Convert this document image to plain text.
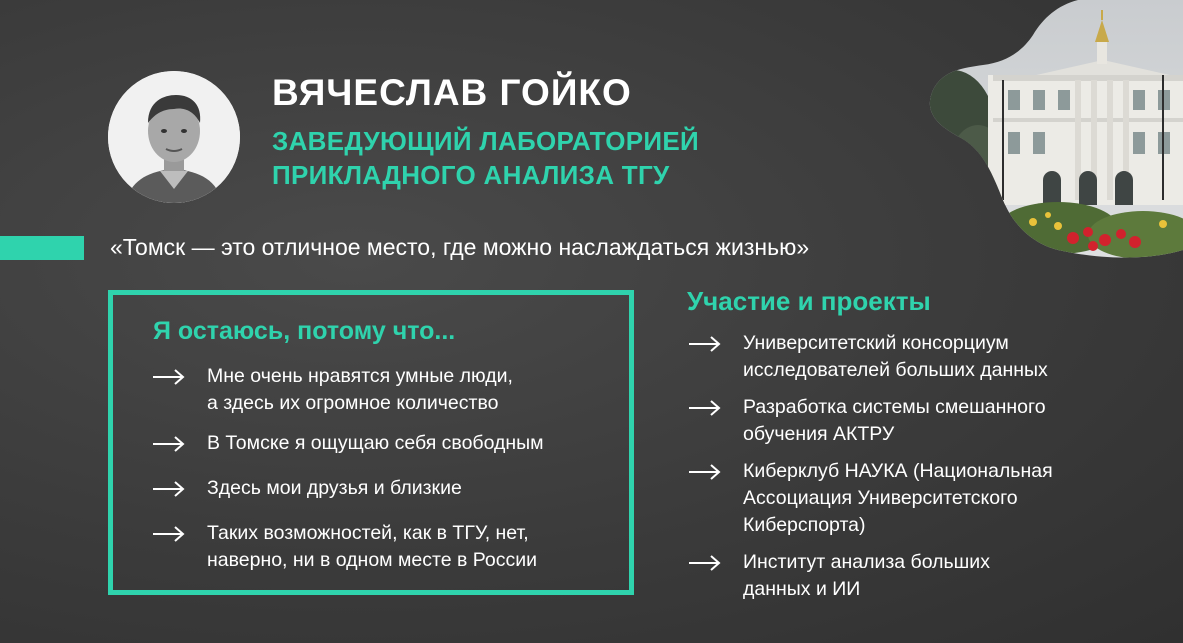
ВЯЧЕСЛАВ ГОЙКО
ЗАВЕДУЮЩИЙ ЛАБОРАТОРИЕЙ
ПРИКЛАДНОГО АНАЛИЗА ТГУ
«Томск — это отличное место, где можно наслаждаться жизнью»
Я остаюсь, потому что...
Мне очень нравятся умные люди,
а здесь их огромное количество
В Томске я ощущаю себя свободным
Здесь мои друзья и близкие
Таких возможностей, как в ТГУ, нет,
наверно, ни в одном месте в России
Участие и проекты
Университетский консорциум
исследователей больших данных
Разработка системы смешанного
обучения АКТРУ
Киберклуб НАУКА (Национальная
Ассоциация Университетского
Киберспорта)
Институт анализа больших
данных и ИИ
